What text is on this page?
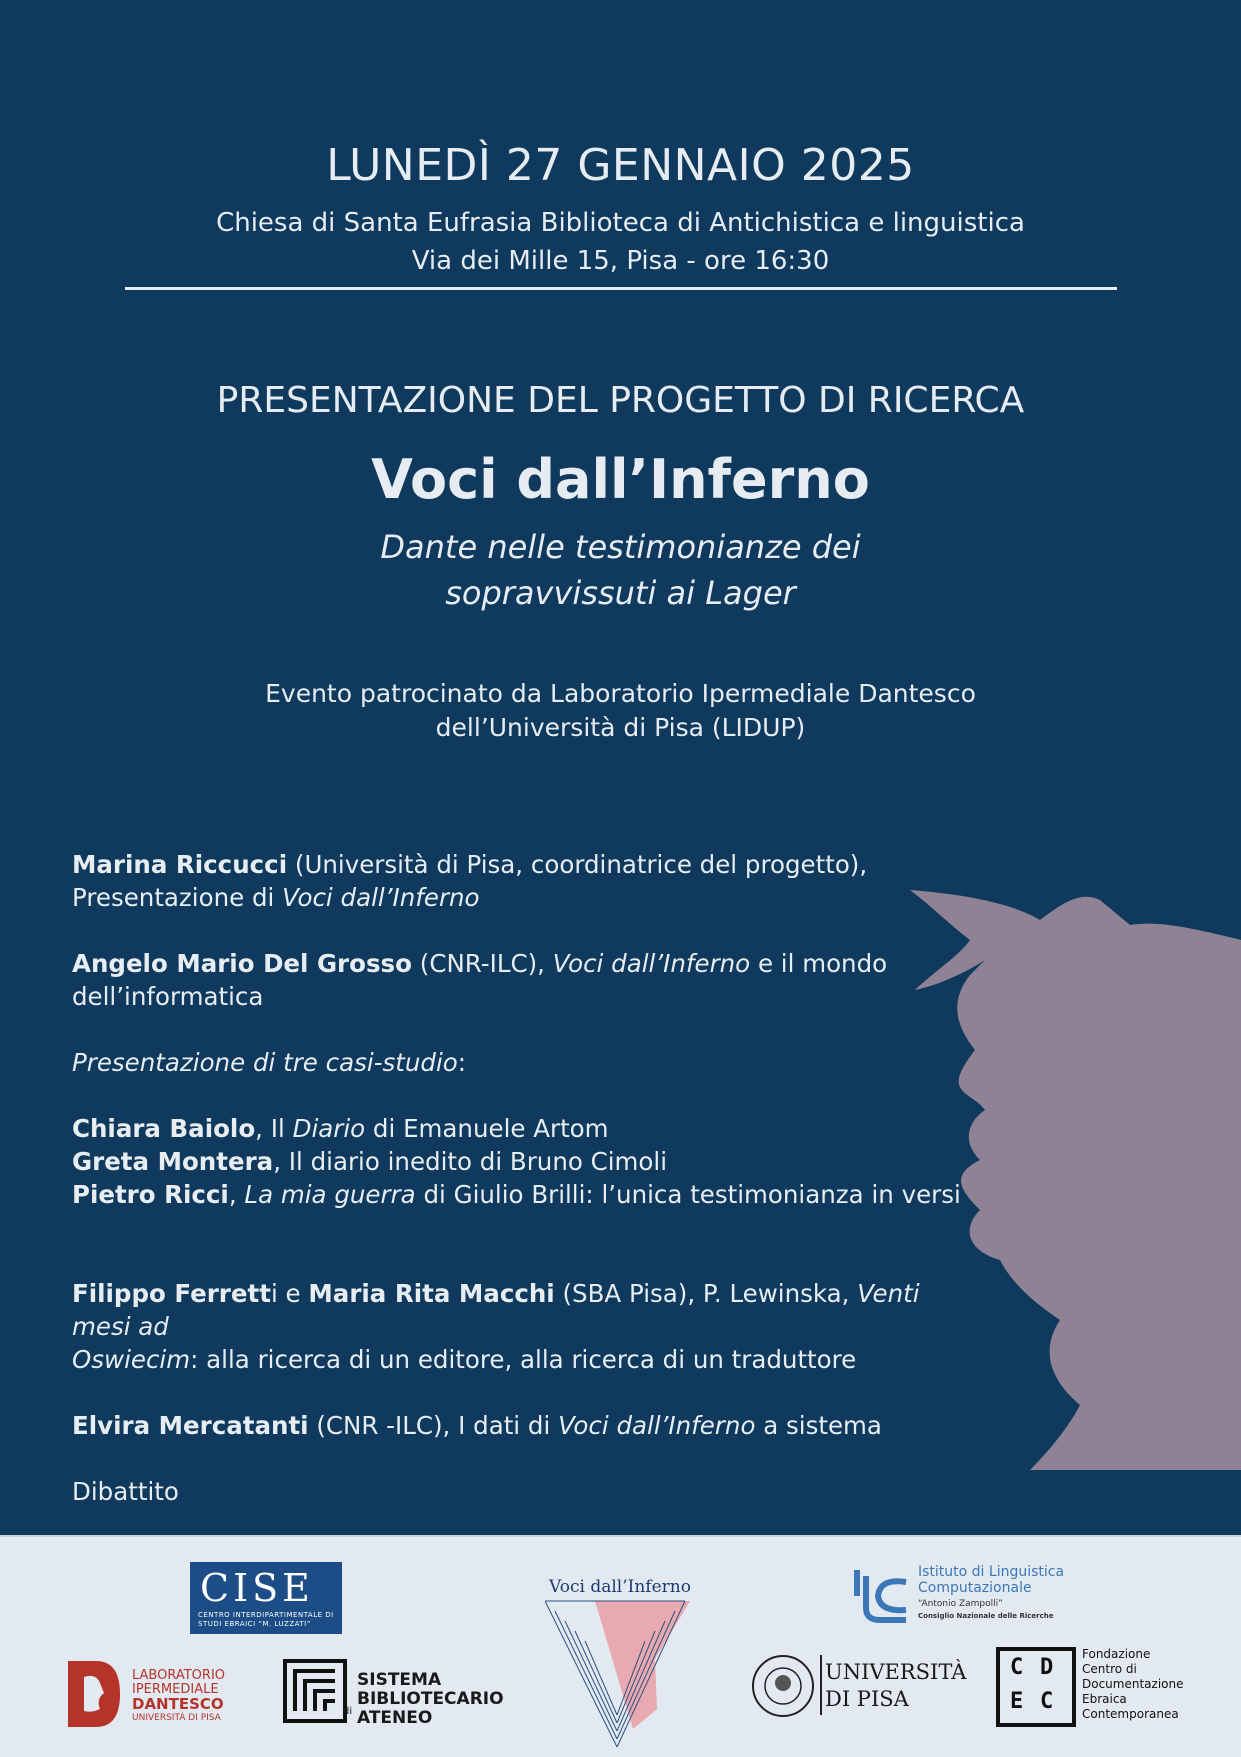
LUNEDÌ 27 GENNAIO 2025
Chiesa di Santa Eufrasia Biblioteca di Antichistica e linguistica
Via dei Mille 15, Pisa - ore 16:30
PRESENTAZIONE DEL PROGETTO DI RICERCA
Voci dall’Inferno
Dante nelle testimonianze dei
sopravvissuti ai Lager
Evento patrocinato da Laboratorio Ipermediale Dantesco
dell’Università di Pisa (LIDUP)

Marina Riccucci (Università di Pisa, coordinatrice del progetto),

Presentazione di Voci dall’Inferno

Angelo Mario Del Grosso (CNR-ILC), Voci dall’Inferno e il mondo

dell’informatica

Presentazione di tre casi-studio:

Chiara Baiolo, Il Diario di Emanuele Artom

Greta Montera, Il diario inedito di Bruno Cimoli

Pietro Ricci, La mia guerra di Giulio Brilli: l’unica testimonianza in versi

Filippo Ferretti e Maria Rita Macchi (SBA Pisa), P. Lewinska, Venti mesi ad

Oswiecim: alla ricerca di un editore, alla ricerca di un traduttore

Elvira Mercatanti (CNR -ILC), I dati di Voci dall’Inferno a sistema

Dibattito

CISE
CENTRO INTERDIPARTIMENTALE DI STUDI EBRAICI “M. LUZZATI”
Voci dall’Inferno
Istituto di Linguistica
Computazionale
“Antonio Zampolli”
Consiglio Nazionale delle Ricerche
LABORATORIO
IPERMEDIALE
DANTESCO
UNIVERSITÀ DI PISA
di
SISTEMA
BIBLIOTECARIO
ATENEO
UNIVERSITÀ
DI PISA
C D
E C
Fondazione
Centro di
Documentazione
Ebraica
Contemporanea
